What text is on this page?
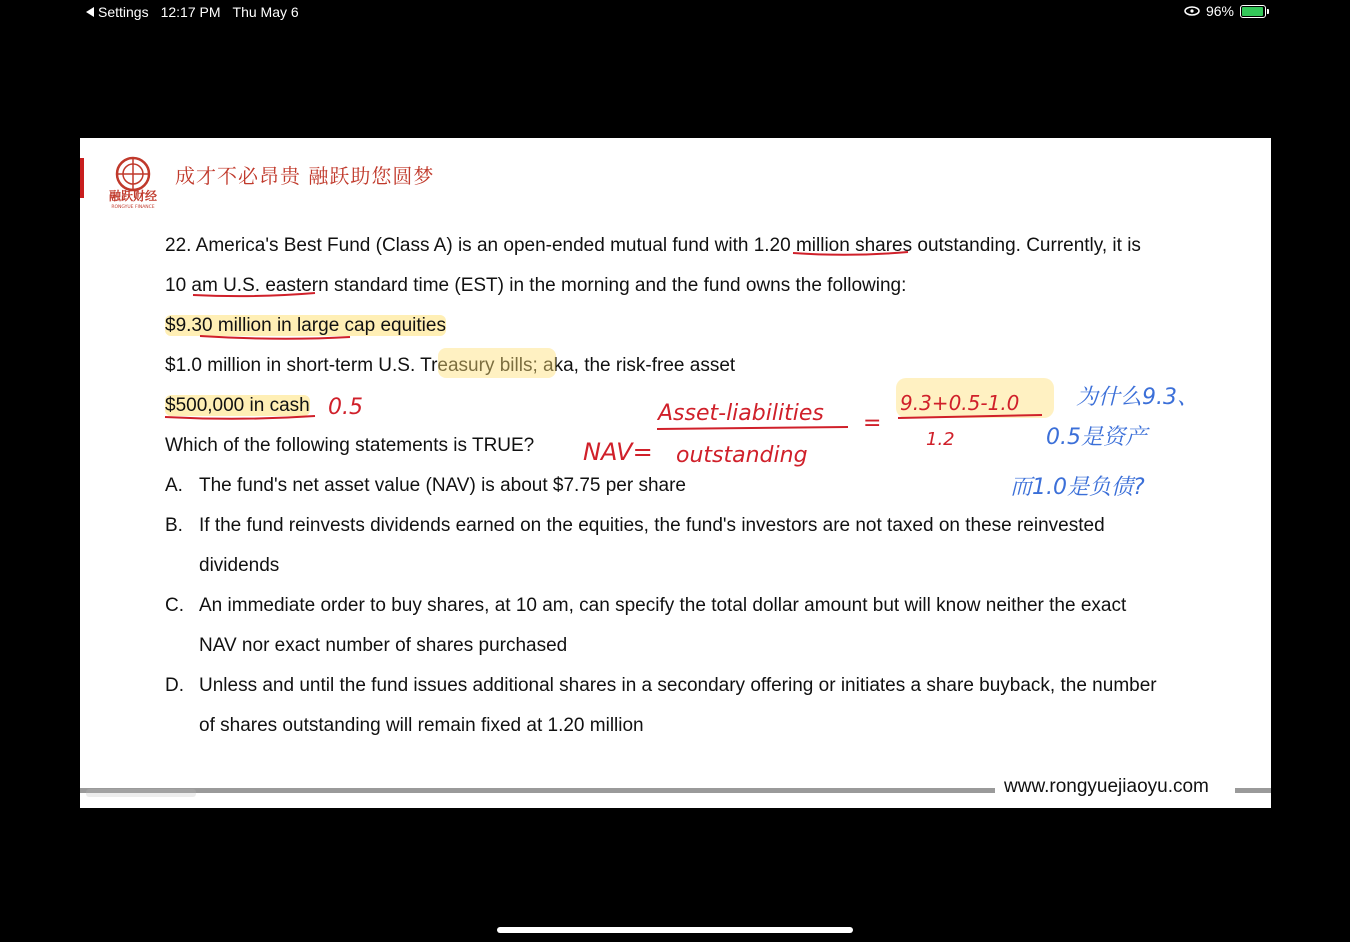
Settings 12:17 PM Thu May 6	96%
融跃财经
RONGYUE FINANCE
成才不必昂贵 融跃助您圆梦
22. America's Best Fund (Class A) is an open-ended mutual fund with 1.20 million shares outstanding. Currently, it is
10 am U.S. eastern standard time (EST) in the morning and the fund owns the following:
$9.30 million in large cap equities
$1.0 million in short-term U.S. Treasury bills; aka, the risk-free asset
$500,000 in cash
Which of the following statements is TRUE?
A. The fund's net asset value (NAV) is about $7.75 per share
B. If the fund reinvests dividends earned on the equities, the fund's investors are not taxed on these reinvested
dividends
C. An immediate order to buy shares, at 10 am, can specify the total dollar amount but will know neither the exact
NAV nor exact number of shares purchased
D. Unless and until the fund issues additional shares in a secondary offering or initiates a share buyback, the number
of shares outstanding will remain fixed at 1.20 million
0.5
NAV=
Asset-liabilities
outstanding
=
9.3+0.5-1.0
1.2
为什么9.3、
0.5是资产
而1.0是负债?
www.rongyuejiaoyu.com
